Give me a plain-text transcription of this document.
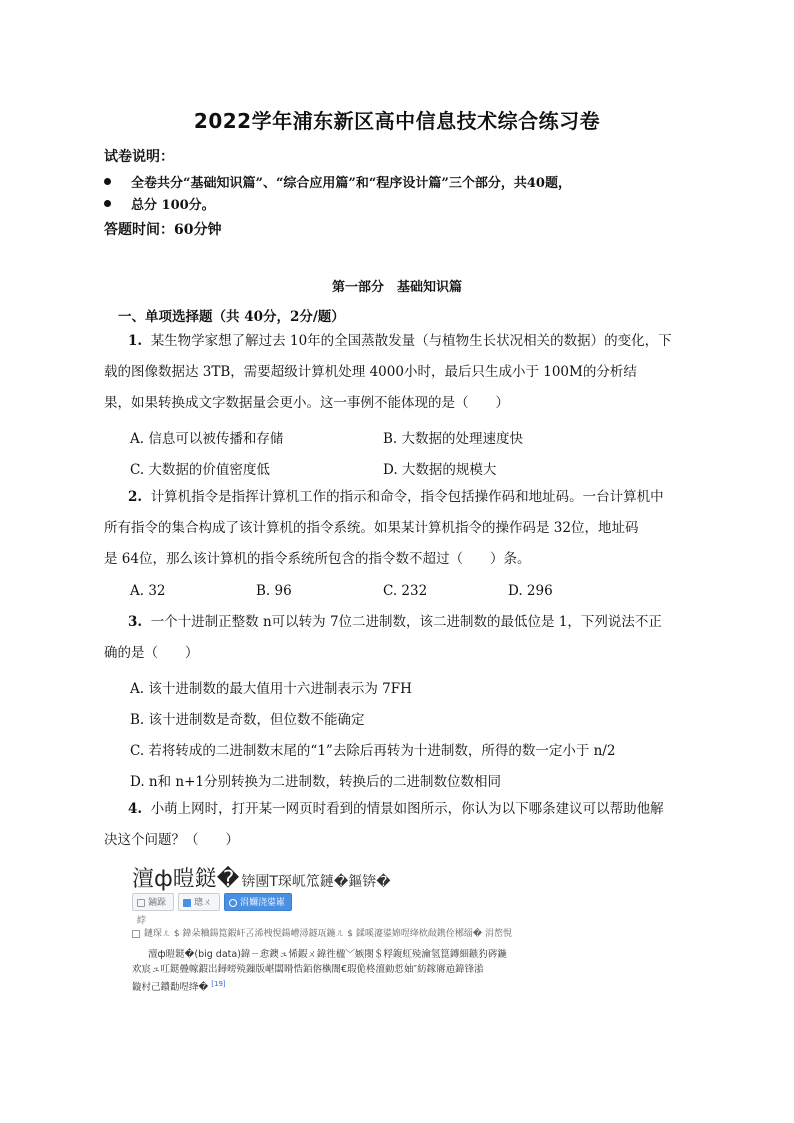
2022学年浦东新区高中信息技术综合练习卷
试卷说明：
全卷共分“基础知识篇”、“综合应用篇”和“程序设计篇”三个部分，共40题，
总分 100分。
答题时间：60分钟
第一部分　基础知识篇
一、单项选择题（共 40分，2分/题）
1. 某生物学家想了解过去 10年的全国蒸散发量（与植物生长状况相关的数据）的变化，下
载的图像数据达 3TB，需要超级计算机处理 4000小时，最后只生成小于 100M的分析结
果，如果转换成文字数据量会更小。这一事例不能体现的是（　　）
A. 信息可以被传播和存储	B. 大数据的处理速度快
C. 大数据的价值密度低	D. 大数据的规模大
2. 计算机指令是指挥计算机工作的指示和命令，指令包括操作码和地址码。一台计算机中
所有指令的集合构成了该计算机的指令系统。如果某计算机指令的操作码是 32位，地址码
是 64位，那么该计算机的指令系统所包含的指令数不超过（　　）条。
A. 32	B. 96	C. 232	D. 296
3. 一个十进制正整数 n可以转为 7位二进制数，该二进制数的最低位是 1，下列说法不正
确的是（　　）
A. 该十进制数的最大值用十六进制表示为 7FH
B. 该十进制数是奇数，但位数不能确定
C. 若将转成的二进制数末尾的“1”去除后再转为十进制数，所得的数一定小于 n/2
D. n和 n+1分别转换为二进制数，转换后的二进制数位数相同
4. 小萌上网时，打开某一网页时看到的情景如图所示，你认为以下哪条建议可以帮助他解
决这个问题？（　　）
澶ф暟鎹� 锛團T琛屼笟鏈�鏂锛�
鏀跺綍
璁ㄨ	涓嬭浇鍙嶉
鏈琛ㄦ $ 鍏朵粬鍚箟鍜屽叾浠栧悓鍚嶆潯鐩瓨鍦ㄦ $ 鍒嗘瀽鍙婂喅绛栨敮鎸佺郴缁� 涓嶅悓
澶ф暟鎹�(big data)鍏ㄧ悆鐭ュ悕鍜ㄨ鍏徃楹﹀嫉閿＄粰鍑虹殑瀹氫箟鏄細鏃犳硶鍦
欢宸ュ叿鎹曡幏鍜岀鐞嗙殑鏁版嵁闆嗗悎銆傛槸闇€瑕佹柊澶勭悊妯″紡鎵嶈兘鍏锋湁
鏇村己鐨勫喅绛� [19]
